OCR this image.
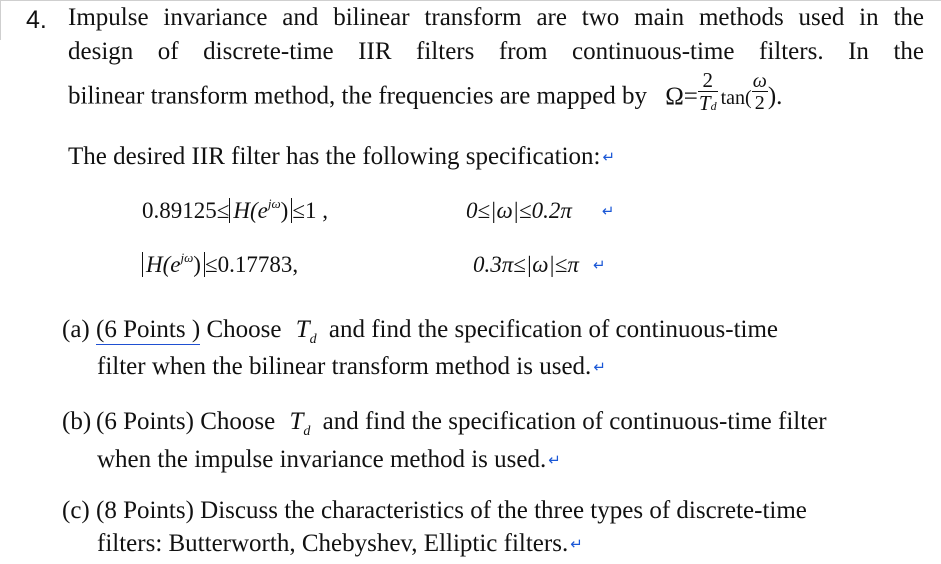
4. Impulse invariance and bilinear transform are two main methods used in the
design of discrete-time IIR filters from continuous-time filters. In the
bilinear transform method, the frequencies are mapped by $\Omega= \frac{2}{Td} \tan( \frac{\omega}{2}$ ).
The desired IIR filter has the following specification: ↵
$0.89125\le H(e^{j\omega}) \le 1$ ,	0≤|ω|≤0.2π ↵
$H(e^{j\omega}) \le 0.17783$,	0.3π≤|ω|≤π ↵
(a) (6 Points ) Choose $T_d$ and find the specification of continuous-time
filter when the bilinear transform method is used. ↵
(b) (6 Points) Choose $T_d$ and find the specification of continuous-time filter
when the impulse invariance method is used. ↵
(c) (8 Points) Discuss the characteristics of the three types of discrete-time
filters: Butterworth, Chebyshev, Elliptic filters. ↵
